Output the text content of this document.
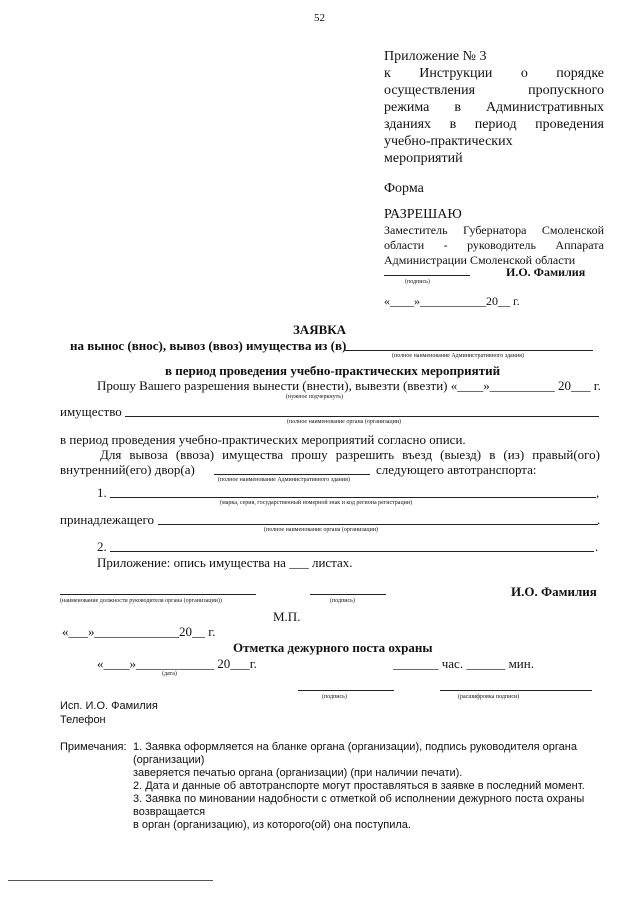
52
Приложение № 3
к Инструкции о порядке
осуществления пропускного
режима в Административных
зданиях в период проведения
учебно-практических
мероприятий
Форма
РАЗРЕШАЮ
Заместитель Губернатора Смоленской
области - руководитель Аппарата
Администрации Смоленской области
(подпись)
И.О. Фамилия
«____»___________20__ г.
ЗАЯВКА
на вынос (внос), вывоз (ввоз) имущества из (в)
(полное наименование Административного здания)
в период проведения учебно-практических мероприятий
Прошу Вашего разрешения вынести (внести), вывезти (ввезти) «____»__________ 20___ г.
(нужное подчеркнуть)
имущество
(полное наименование органа (организации)
в период проведения учебно-практических мероприятий согласно описи.
Для вывоза (ввоза) имущества прошу разрешить въезд (выезд) в (из) правый(ого)
внутренний(его) двор(а)	следующего автотранспорта:
(полное наименование Административного здания)
1.	,
(марка, серия, государственный номерной знак и код региона регистрации)
принадлежащего	.
(полное наименование органа (организации)
2.	.
Приложение: опись имущества на ___ листах.
(наименование должности руководителя органа (организации))	(подпись)
И.О. Фамилия
М.П.
«___»_____________20__ г.
Отметка дежурного поста охраны
«____»____________ 20___г.
(дата)
_______ час. ______ мин.
(подпись)	(расшифровка подписи)
Исп. И.О. Фамилия
Телефон
Примечания: 1. Заявка оформляется на бланке органа (организации), подпись руководителя органа (организации)
заверяется печатью органа (организации) (при наличии печати).
2. Дата и данные об автотранспорте могут проставляться в заявке в последний момент.
3. Заявка по миновании надобности с отметкой об исполнении дежурного поста охраны возвращается
в орган (организацию), из которого(ой) она поступила.
